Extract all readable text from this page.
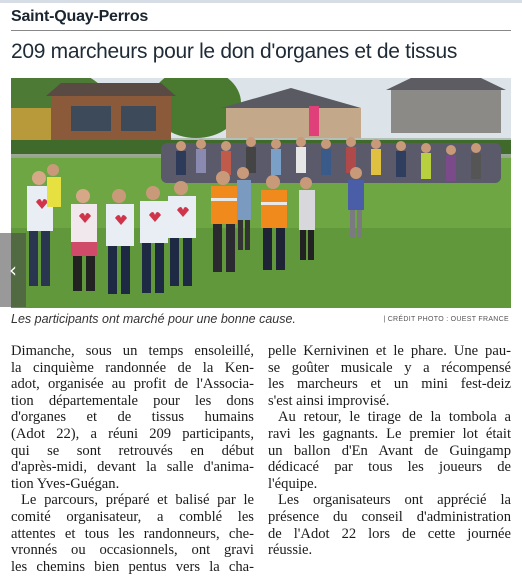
Saint-Quay-Perros
209 marcheurs pour le don d'organes et de tissus
‹
Les participants ont marché pour une bonne cause.	| CRÉDIT PHOTO : OUEST FRANCE
Dimanche, sous un temps ensoleillé,
la cinquième randonnée de la Ken-
adot, organisée au profit de l'Associa-
tion départementale pour les dons
d'organes et de tissus humains
(Adot 22), a réuni 209 participants,
qui se sont retrouvés en début
d'après-midi, devant la salle d'anima-
tion Yves-Guégan.
Le parcours, préparé et balisé par le
comité organisateur, a comblé les
attentes et tous les randonneurs, che-
vronnés ou occasionnels, ont gravi
les chemins bien pentus vers la cha-
pelle Kernivinen et le phare. Une pau-
se goûter musicale y a récompensé
les marcheurs et un mini fest-deiz
s'est ainsi improvisé.
Au retour, le tirage de la tombola a
ravi les gagnants. Le premier lot était
un ballon d'En Avant de Guingamp
dédicacé par tous les joueurs de
l'équipe.
Les organisateurs ont apprécié la
présence du conseil d'administration
de l'Adot 22 lors de cette journée
réussie.
